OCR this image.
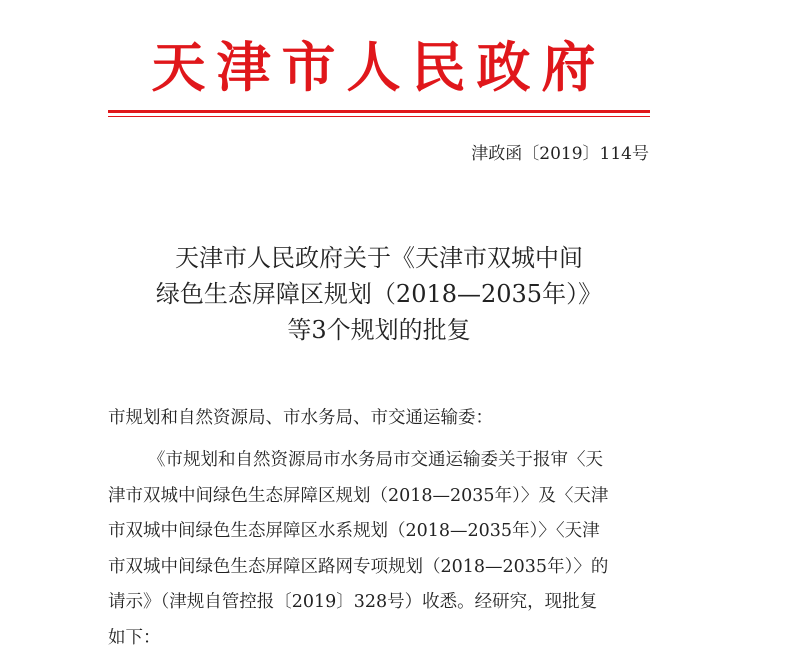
天津市人民政府
津政函〔2019〕114号
天津市人民政府关于《天津市双城中间
绿色生态屏障区规划（2018—2035年）》
等3个规划的批复
市规划和自然资源局、市水务局、市交通运输委：
《市规划和自然资源局市水务局市交通运输委关于报审〈天
津市双城中间绿色生态屏障区规划（2018—2035年）〉及〈天津
市双城中间绿色生态屏障区水系规划（2018—2035年）〉〈天津
市双城中间绿色生态屏障区路网专项规划（2018—2035年）〉的
请示》（津规自管控报〔2019〕328号）收悉。经研究，现批复
如下：
